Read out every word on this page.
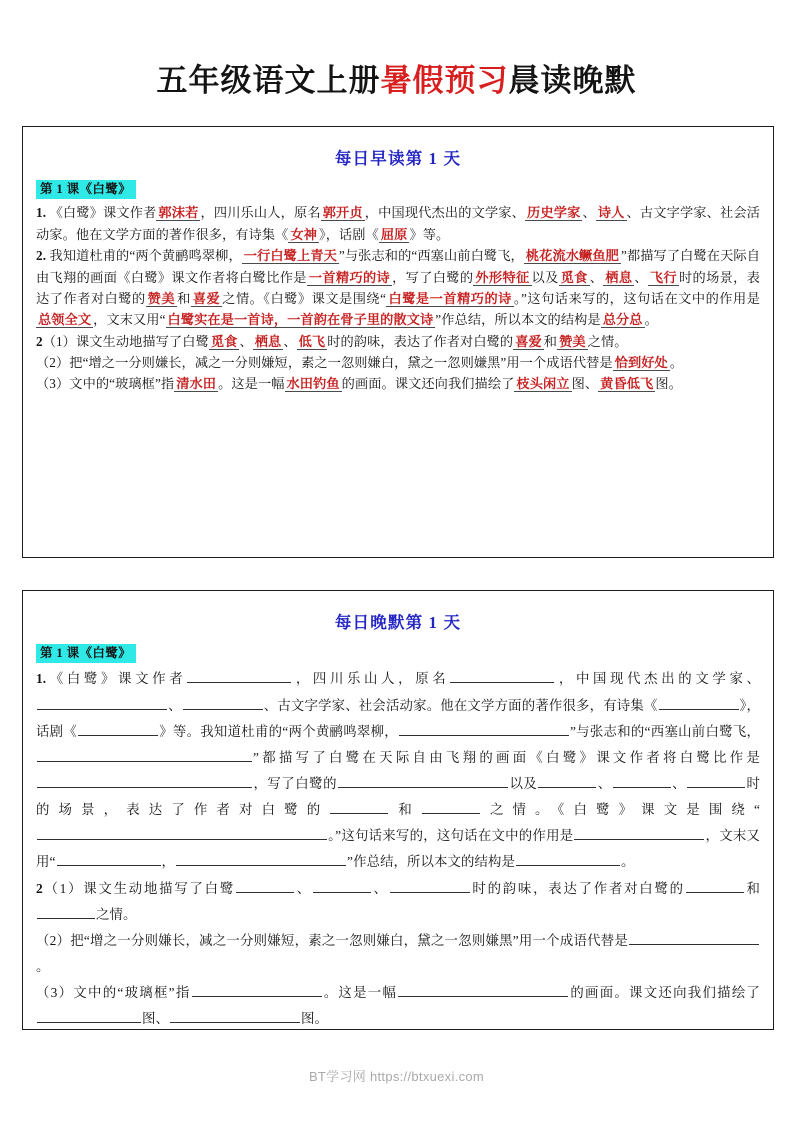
五年级语文上册暑假预习晨读晚默
每日早读第 1 天
第 1 课《白鹭》

1. 《白鹭》课文作者 郭沫若 ，四川乐山人，原名 郭开贞 ，中国现代杰出的文学家、 历史学家 、 诗人 、古文字学家、社会活动家。他在文学方面的著作很多，有诗集《 女神 》，话剧《 屈原 》等。

2. 我知道杜甫的“两个黄鹂鸣翠柳， 一行白鹭上青天 ”与张志和的“西塞山前白鹭飞， 桃花流水鳜鱼肥 ”都描写了白鹭在天际自由飞翔的画面《白鹭》课文作者将白鹭比作是 一首精巧的诗 ，写了白鹭的 外形特征 以及 觅食 、 栖息 、 飞行 时的场景，表达了作者对白鹭的 赞美 和 喜爱 之情。《白鹭》课文是围绕“ 白鹭是一首精巧的诗 。”这句话来写的，这句话在文中的作用是总领全文 ，文末又用“ 白鹭实在是一首诗，一首韵在骨子里的散文诗 ”作总结，所以本文的结构是 总分总 。

2（1）课文生动地描写了白鹭 觅食 、 栖息 、 低飞 时的韵味，表达了作者对白鹭的 喜爱 和 赞美 之情。

（2）把“增之一分则嫌长，减之一分则嫌短，素之一忽则嫌白，黛之一忽则嫌黑”用一个成语代替是 恰到好处 。

（3）文中的“玻璃框”指 清水田 。这是一幅 水田钓鱼 的画面。课文还向我们描绘了 枝头闲立 图、 黄昏低飞 图。

每日晚默第 1 天
第 1 课《白鹭》

1.《白鹭》课文作者	，四川乐山人，原名	，中国现代杰出的文学家、、	、古文字学家、社会活动家。他在文学方面的著作很多，有诗集《	》，话剧《	》等。我知道杜甫的“两个黄鹂鸣翠柳，	”与张志和的“西塞山前白鹭飞，”都描写了白鹭在天际自由飞翔的画面《白鹭》课文作者将白鹭比作是，写了白鹭的	以及	、	、	时的场景，表达了作者对白鹭的	和	之情。《白鹭》课文是围绕“。”这句话来写的，这句话在文中的作用是	，文末又用“	，	”作总结，所以本文的结构是	。

2（1）课文生动地描写了白鹭	、	、	时的韵味，表达了作者对白鹭的	和之情。

（2）把“增之一分则嫌长，减之一分则嫌短，素之一忽则嫌白，黛之一忽则嫌黑”用一个成语代替是。

（3）文中的“玻璃框”指	。这是一幅	的画面。课文还向我们描绘了图、	图。

BT学习网 https://btxuexi.com
